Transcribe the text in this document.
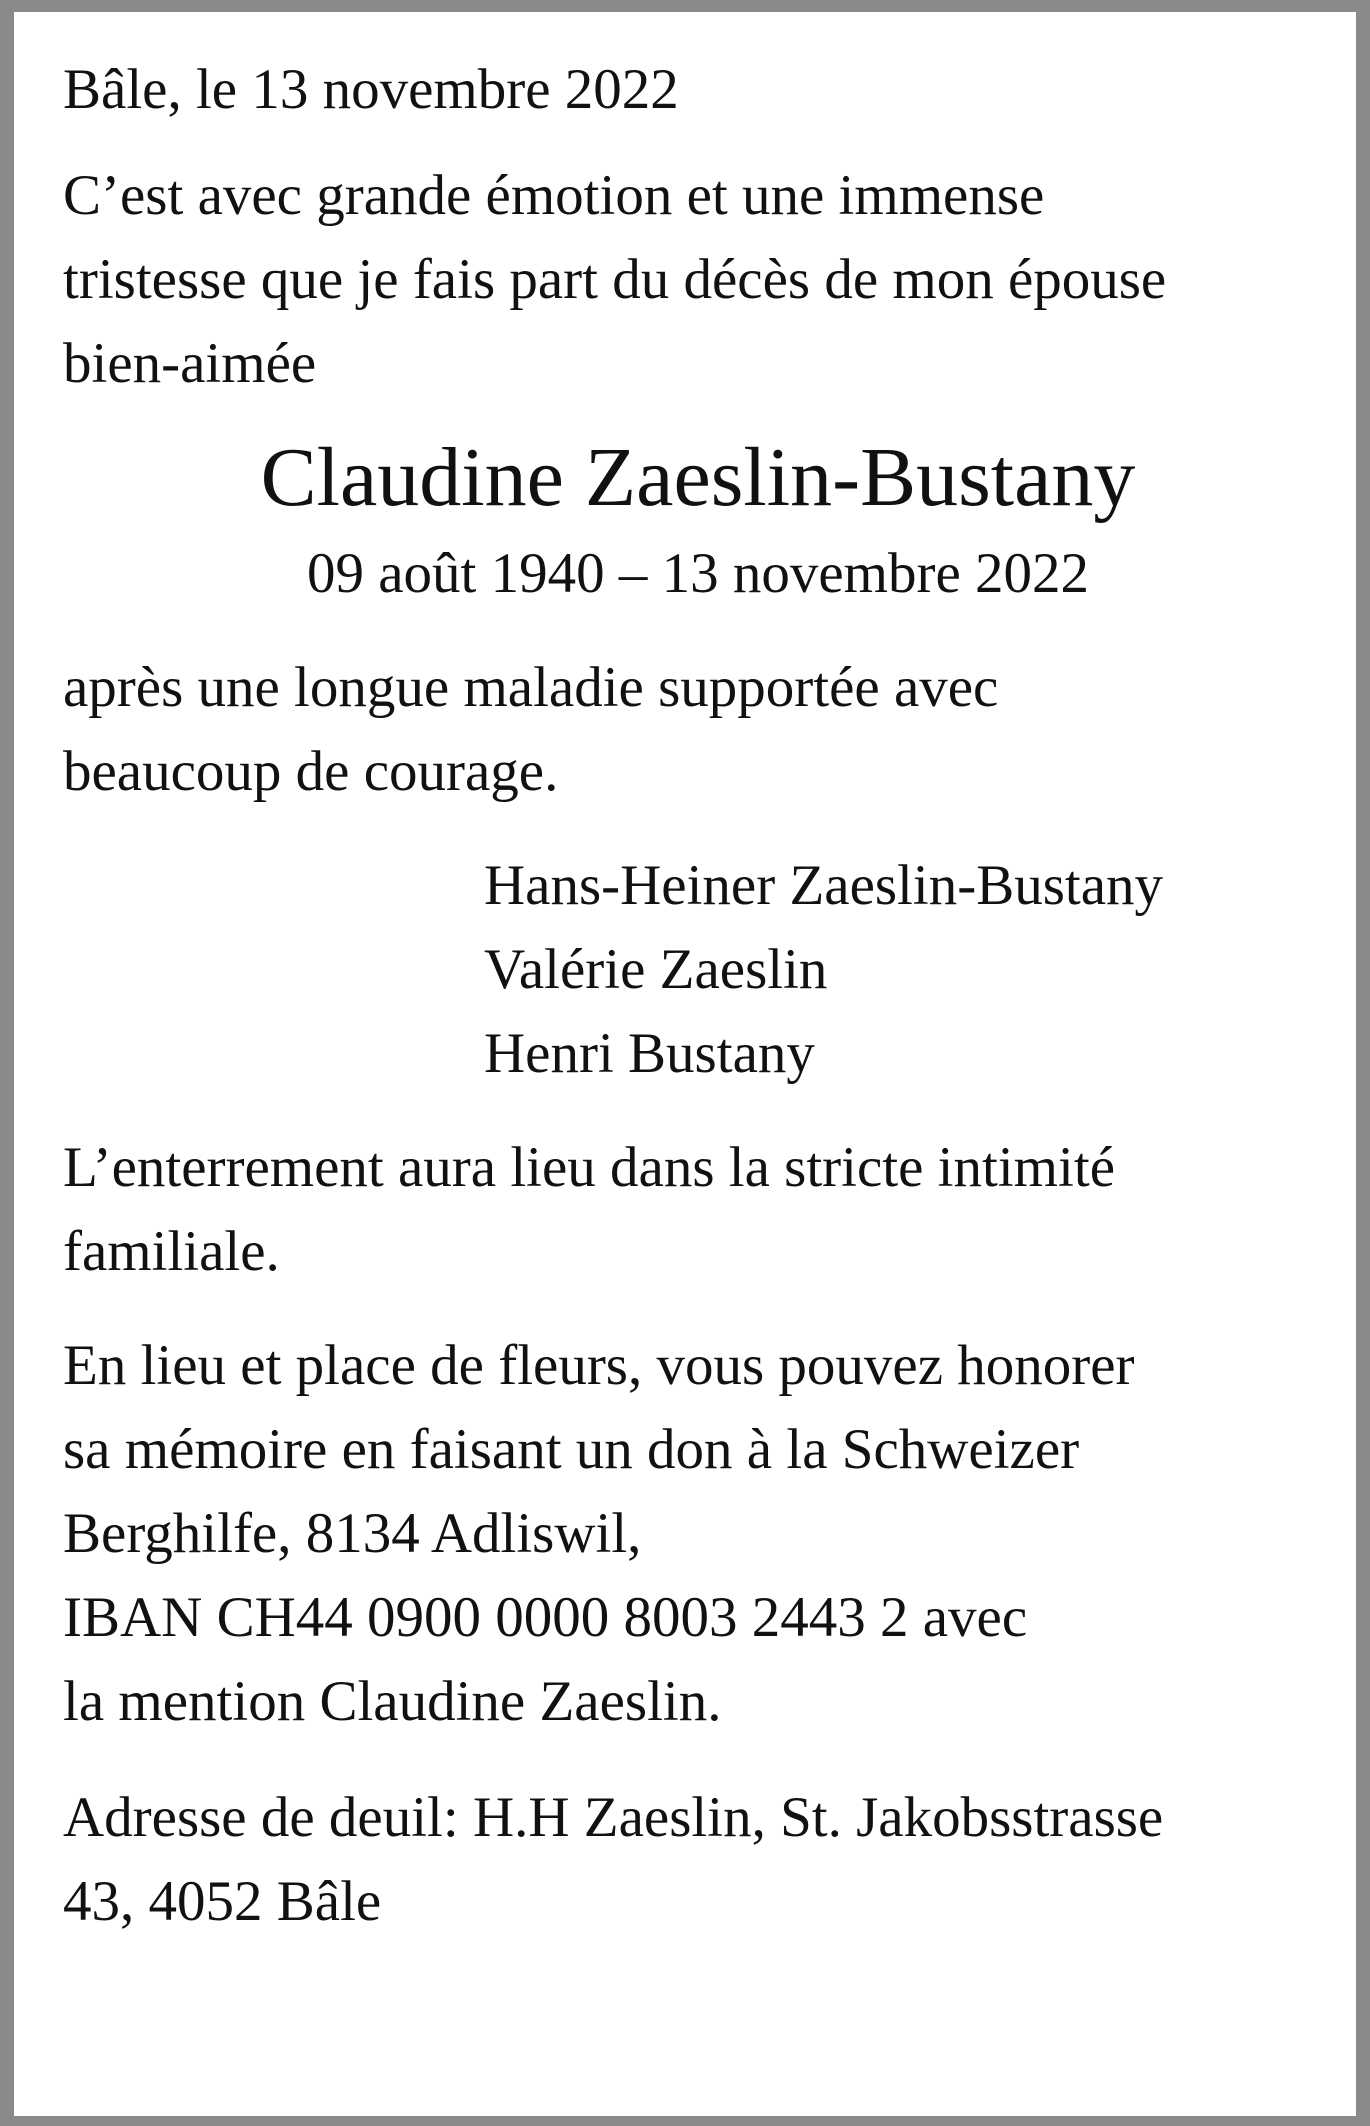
Bâle, le 13 novembre 2022

C’est avec grande émotion et une immense
tristesse que je fais part du décès de mon épouse
bien-aimée

Claudine Zaeslin-Bustany

09 août 1940 – 13 novembre 2022

après une longue maladie supportée avec
beaucoup de courage.

Hans-Heiner Zaeslin-Bustany
Valérie Zaeslin
Henri Bustany

L’enterrement aura lieu dans la stricte intimité
familiale.

En lieu et place de fleurs, vous pouvez honorer
sa mémoire en faisant un don à la Schweizer
Berghilfe, 8134 Adliswil,
IBAN CH44 0900 0000 8003 2443 2 avec
la mention Claudine Zaeslin.

Adresse de deuil: H.H Zaeslin, St. Jakobsstrasse
43, 4052 Bâle
